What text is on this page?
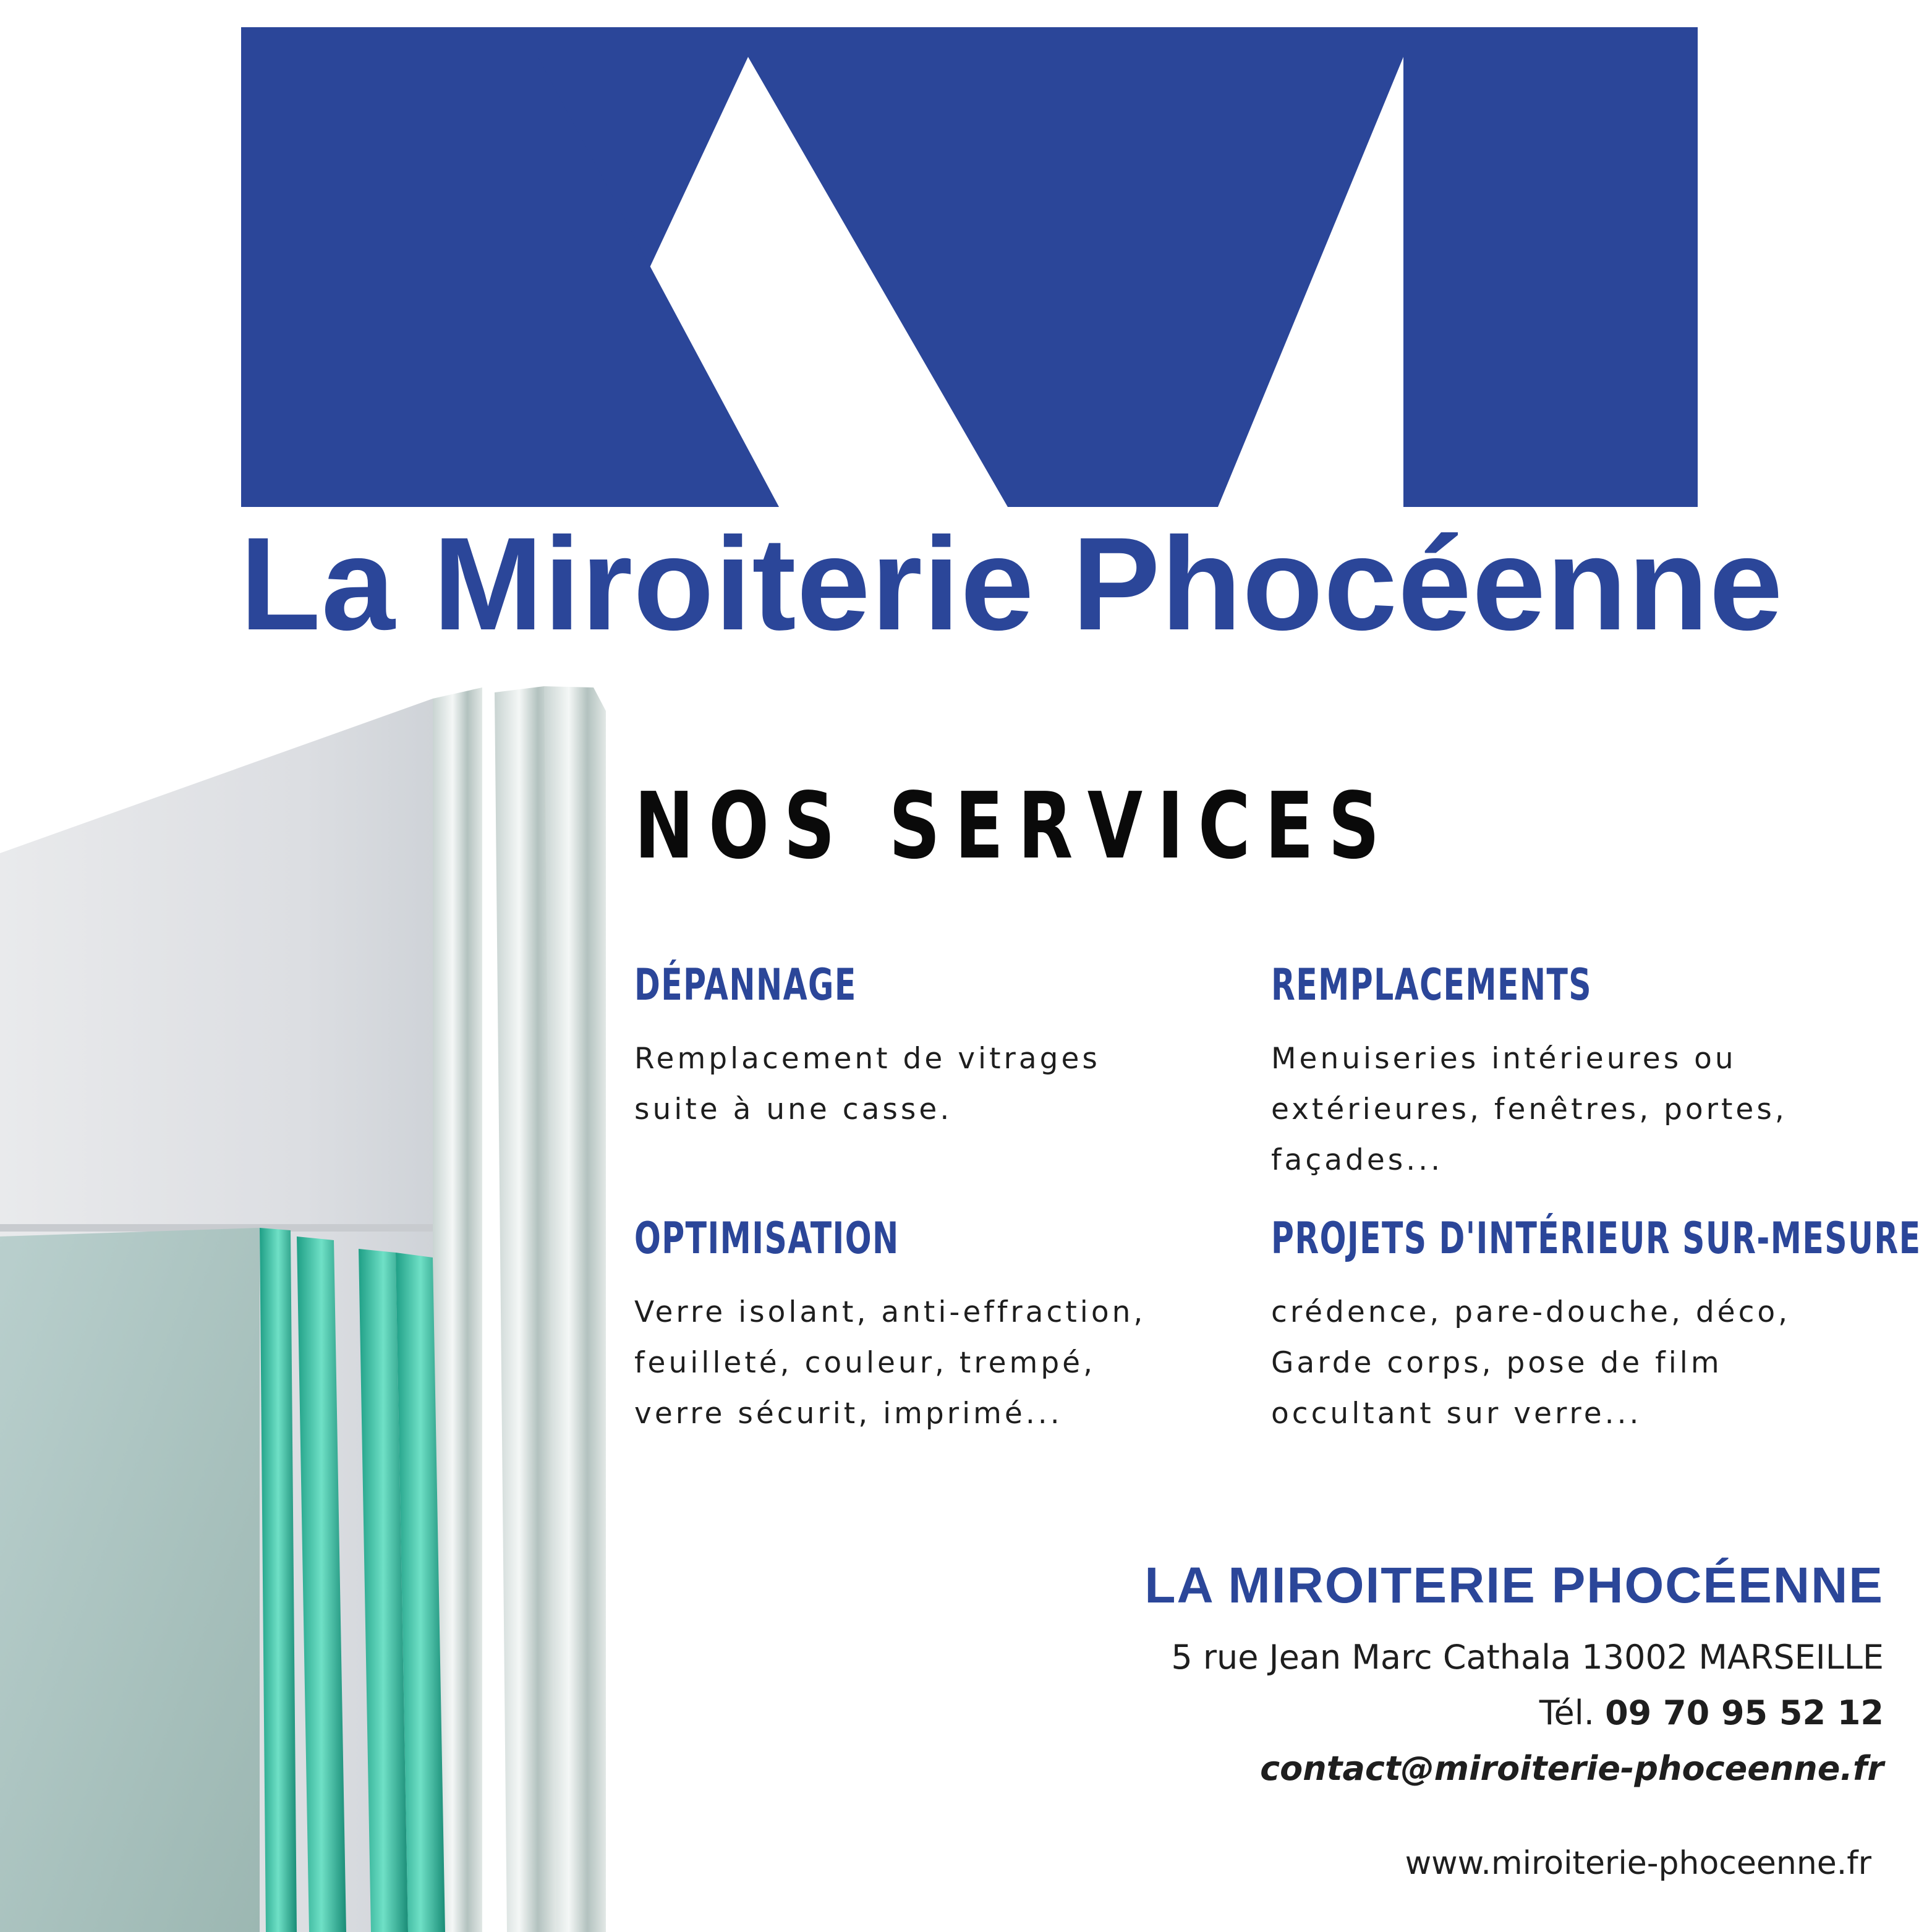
La Miroiterie Phocéenne
NOS SERVICES
DÉPANNAGE
Remplacement de vitrages
suite à une casse.
REMPLACEMENTS
Menuiseries intérieures ou
extérieures, fenêtres, portes,
façades...
OPTIMISATION
Verre isolant, anti-effraction,
feuilleté, couleur, trempé,
verre sécurit, imprimé...
PROJETS D'INTÉRIEUR SUR-MESURE
crédence, pare-douche, déco,
Garde corps, pose de film
occultant sur verre...
LA MIROITERIE PHOCÉENNE
5 rue Jean Marc Cathala 13002 MARSEILLE
Tél. 09 70 95 52 12
contact@miroiterie-phoceenne.fr
www.miroiterie-phoceenne.fr
